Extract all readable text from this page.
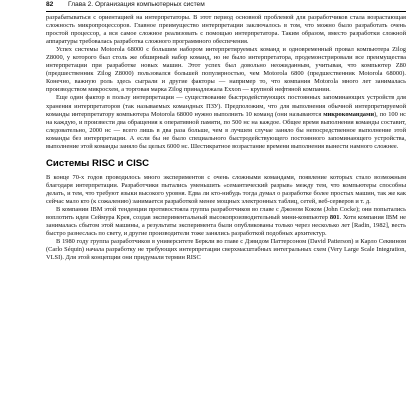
82 Глава 2. Организация компьютерных систем

разрабатываться с ориентацией на интерпретаторы. В этот период основной проблемой для разработчиков стала возрастающая сложность микропроцессоров. Главное преимущество интерпретации заключалось в том, что можно было разработать очень простой процессор, а вся самое сложное реализовать с помощью интерпретатора. Таким образом, вместо разработки сложной аппаратуры требовалась разработка сложного программного обеспечения.

Успех системы Motorola 68000 с большим набором интерпретируемых команд и одновременный провал компьютера Zilog Z8000, у которого был столь же обширный набор команд, но не было интерпретатора, продемонстрировали все преимущества интерпретации при разработке новых машин. Этот успех был довольно неожиданным, учитывая, что компьютер Z80 (предшественник Zilog Z8000) пользовался большей популярностью, чем Motorola 6800 (предшественник Motorola 68000). Конечно, важную роль здесь сыграли и другие факторы — например то, что компания Motorola много лет занималась производством микросхем, а торговая марка Zilog принадлежала Exxon — крупной нефтяной компании.

Еще один фактор в пользу интерпретации — существование быстродействующих постоянных запоминающих устройств для хранения интерпретаторов (так называемых командных ПЗУ). Предположим, что для выполнения обычной интерпретируемой команды интерпретатору компьютера Motorola 68000 нужно выполнить 10 команд (они называются микрокомандами), по 100 нс на каждую, и произвести два обращения к оперативной памяти, по 500 нс на каждое. Общее время выполнения команды составит, следовательно, 2000 нс — всего лишь в два раза больше, чем в лучшем случае заняло бы непосредственное выполнение этой команды без интерпретации. А если бы не было специального быстродействующего постоянного запоминающего устройства, выполнение этой команды заняло бы целых 6000 нс. Шестикратное возрастание времени выполнения вынести намного сложнее.

Системы RISC и CISC

В конце 70-х годов проводилось много экспериментов с очень сложными командами, появление которых стало возможным благодаря интерпретации. Разработчики пытались уменьшить «семантический разрыв» между тем, что компьютеры способны делать, и тем, что требуют языки высокого уровня. Едва ли кто-нибудь тогда думал о разработке более простых машин, так же как сейчас мало кто (к сожалению) занимается разработкой менее мощных электронных таблиц, сетей, веб-серверов и т. д.

В компании IBM этой тенденции противостояла группа разработчиков во главе с Джоном Коком (John Cocke); они попытались воплотить идеи Сеймура Крея, создав экспериментальный высокопроизводительный мини-компьютер 801. Хотя компания IBM не занималась сбытом этой машины, а результаты эксперимента были опубликованы только через несколько лет [Radin, 1982], весть быстро разнеслась по свету, и другие производители тоже занялись разработкой подобных архитектур.

В 1980 году группа разработчиков в университете Беркли во главе с Дэвидом Паттерсоном (David Patterson) и Карло Секвином (Carlo Séquin) начала разработку не требующих интерпретации сверхмасштабных интегральных схем (Very Large Scale Integration, VLSI). Для этой концепции они придумали термин RISC
